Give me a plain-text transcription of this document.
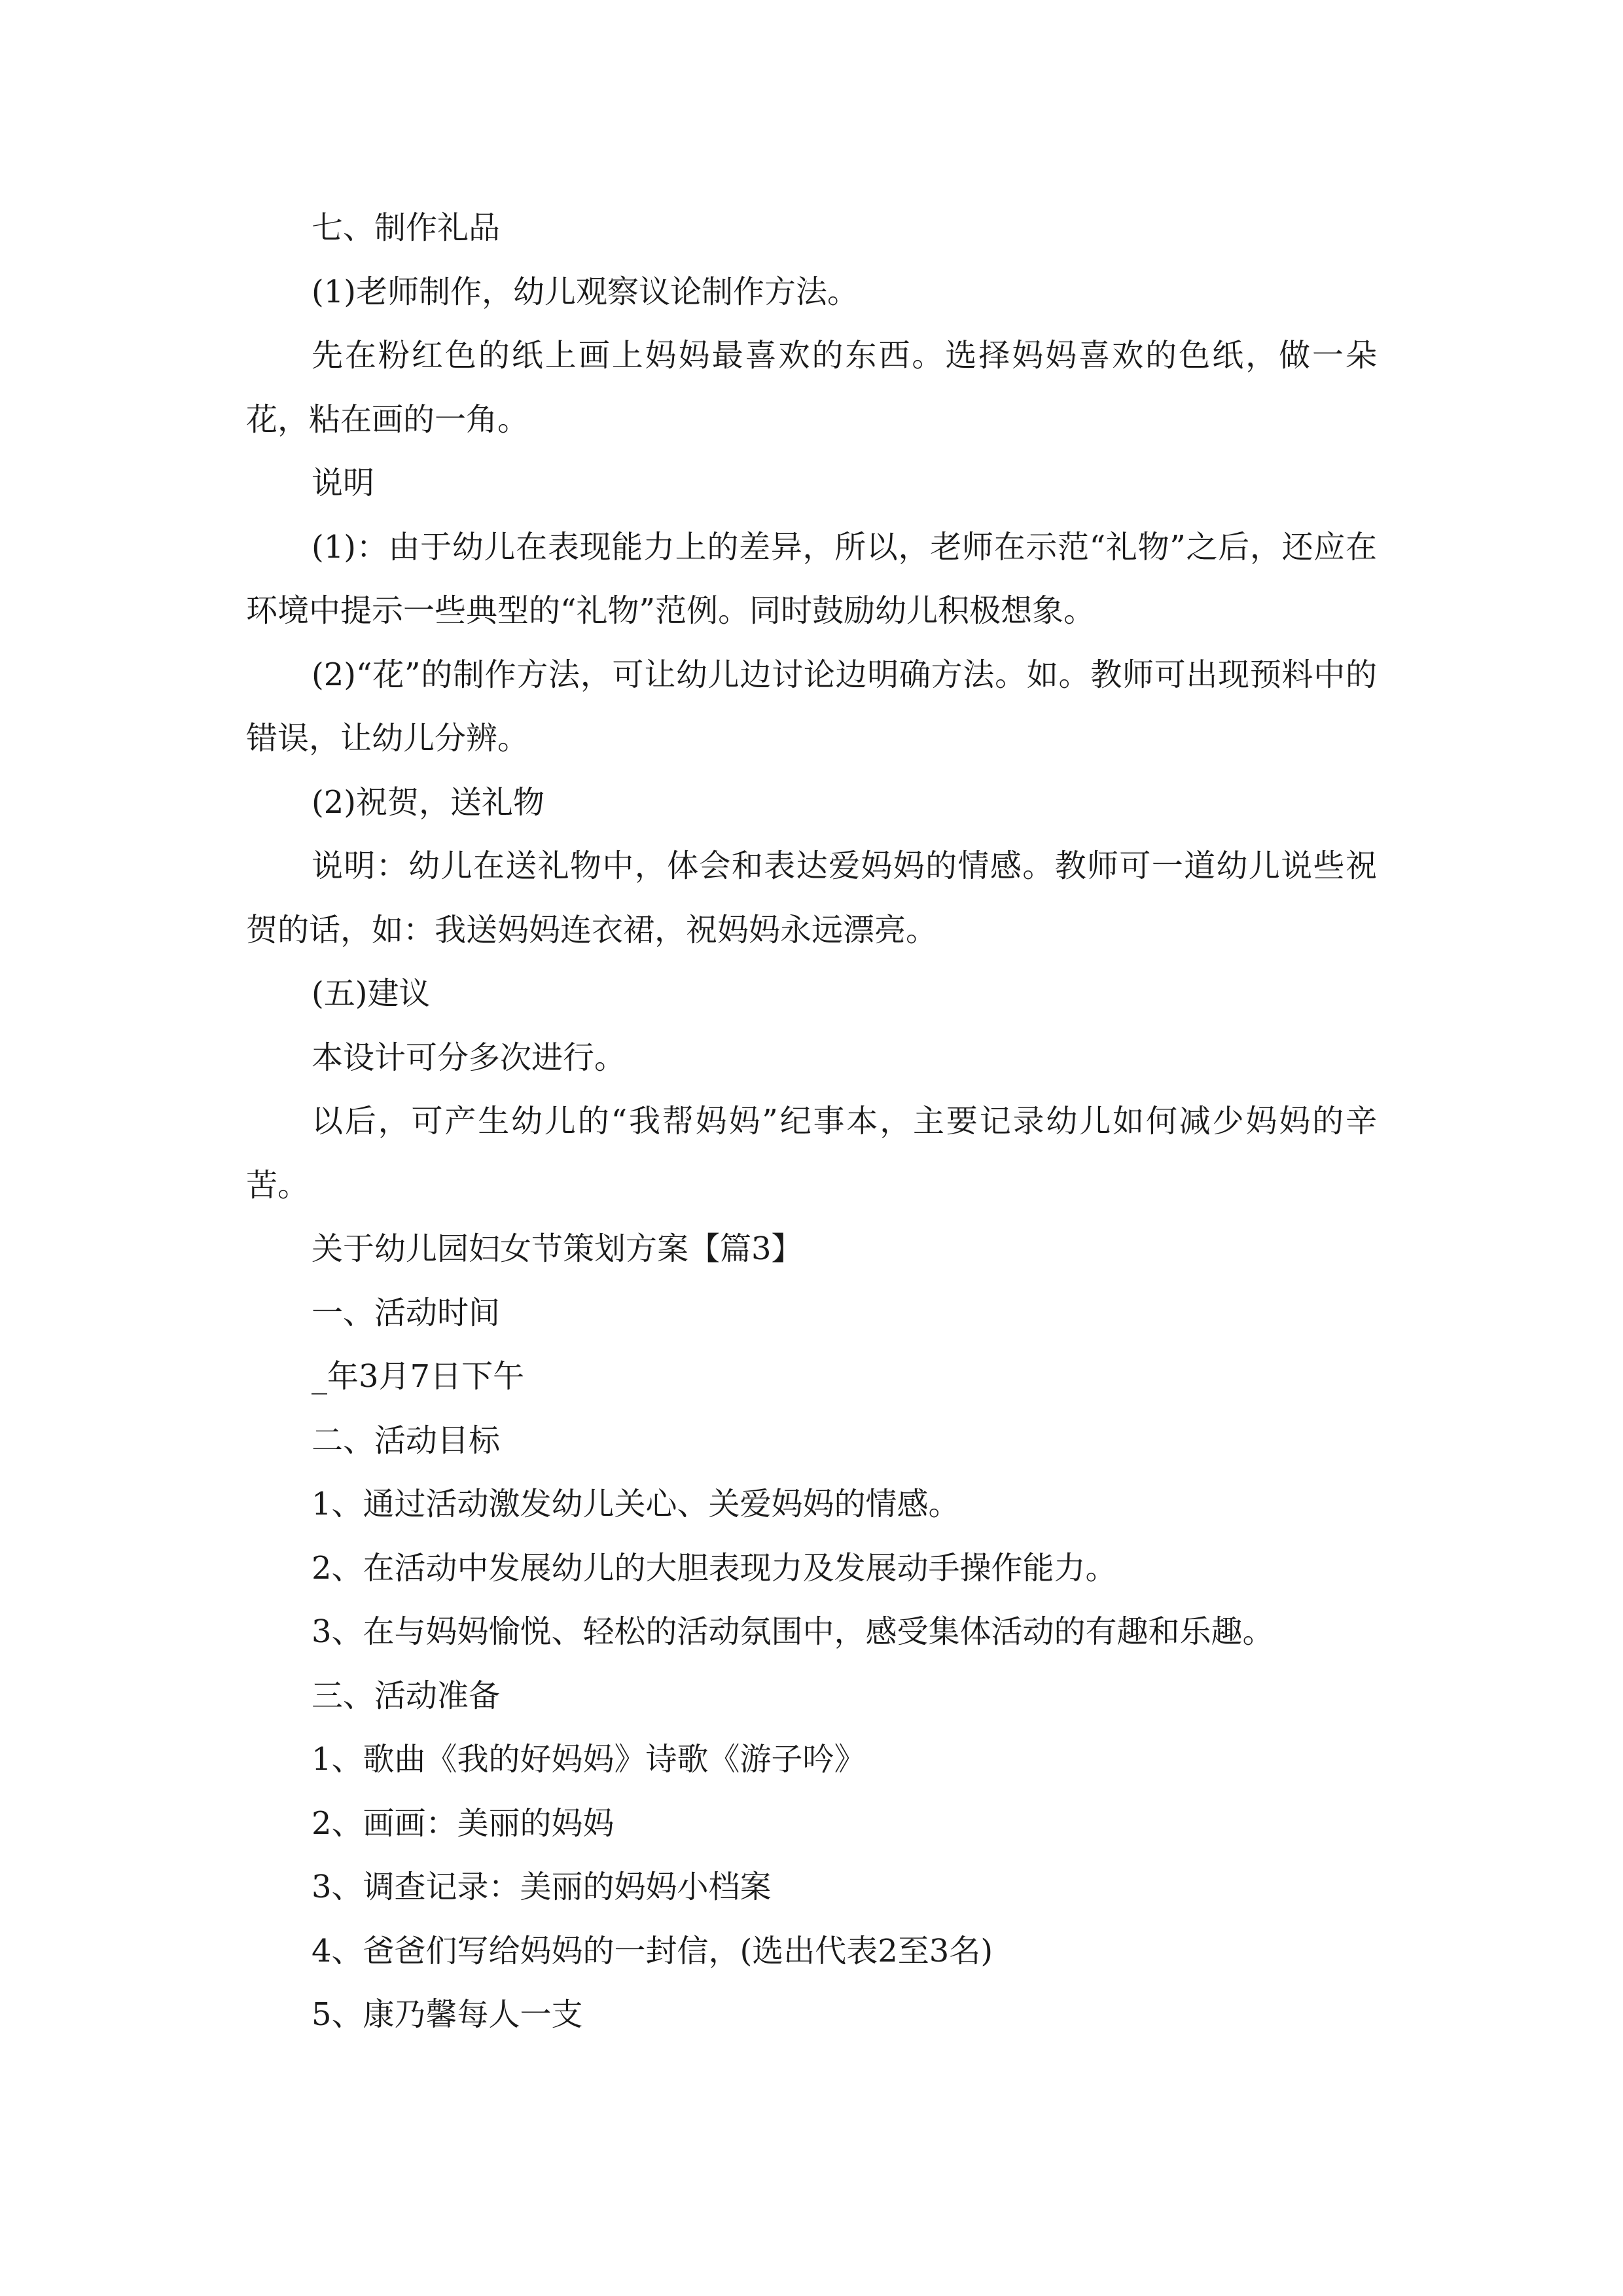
七、制作礼品

(1)老师制作，幼儿观察议论制作方法。

先在粉红色的纸上画上妈妈最喜欢的东西。选择妈妈喜欢的色纸，做一朵花，粘在画的一角。

说明

(1)：由于幼儿在表现能力上的差异，所以，老师在示范“礼物”之后，还应在环境中提示一些典型的“礼物”范例。同时鼓励幼儿积极想象。

(2)“花”的制作方法，可让幼儿边讨论边明确方法。如。教师可出现预料中的错误，让幼儿分辨。

(2)祝贺，送礼物

说明：幼儿在送礼物中，体会和表达爱妈妈的情感。教师可一道幼儿说些祝贺的话，如：我送妈妈连衣裙，祝妈妈永远漂亮。

(五)建议

本设计可分多次进行。

以后，可产生幼儿的“我帮妈妈”纪事本，主要记录幼儿如何减少妈妈的辛苦。

关于幼儿园妇女节策划方案【篇3】

一、活动时间

_年3月7日下午

二、活动目标

1、通过活动激发幼儿关心、关爱妈妈的情感。

2、在活动中发展幼儿的大胆表现力及发展动手操作能力。

3、在与妈妈愉悦、轻松的活动氛围中，感受集体活动的有趣和乐趣。

三、活动准备

1、歌曲《我的好妈妈》诗歌《游子吟》

2、画画：美丽的妈妈

3、调查记录：美丽的妈妈小档案

4、爸爸们写给妈妈的一封信，(选出代表2至3名)

5、康乃馨每人一支
